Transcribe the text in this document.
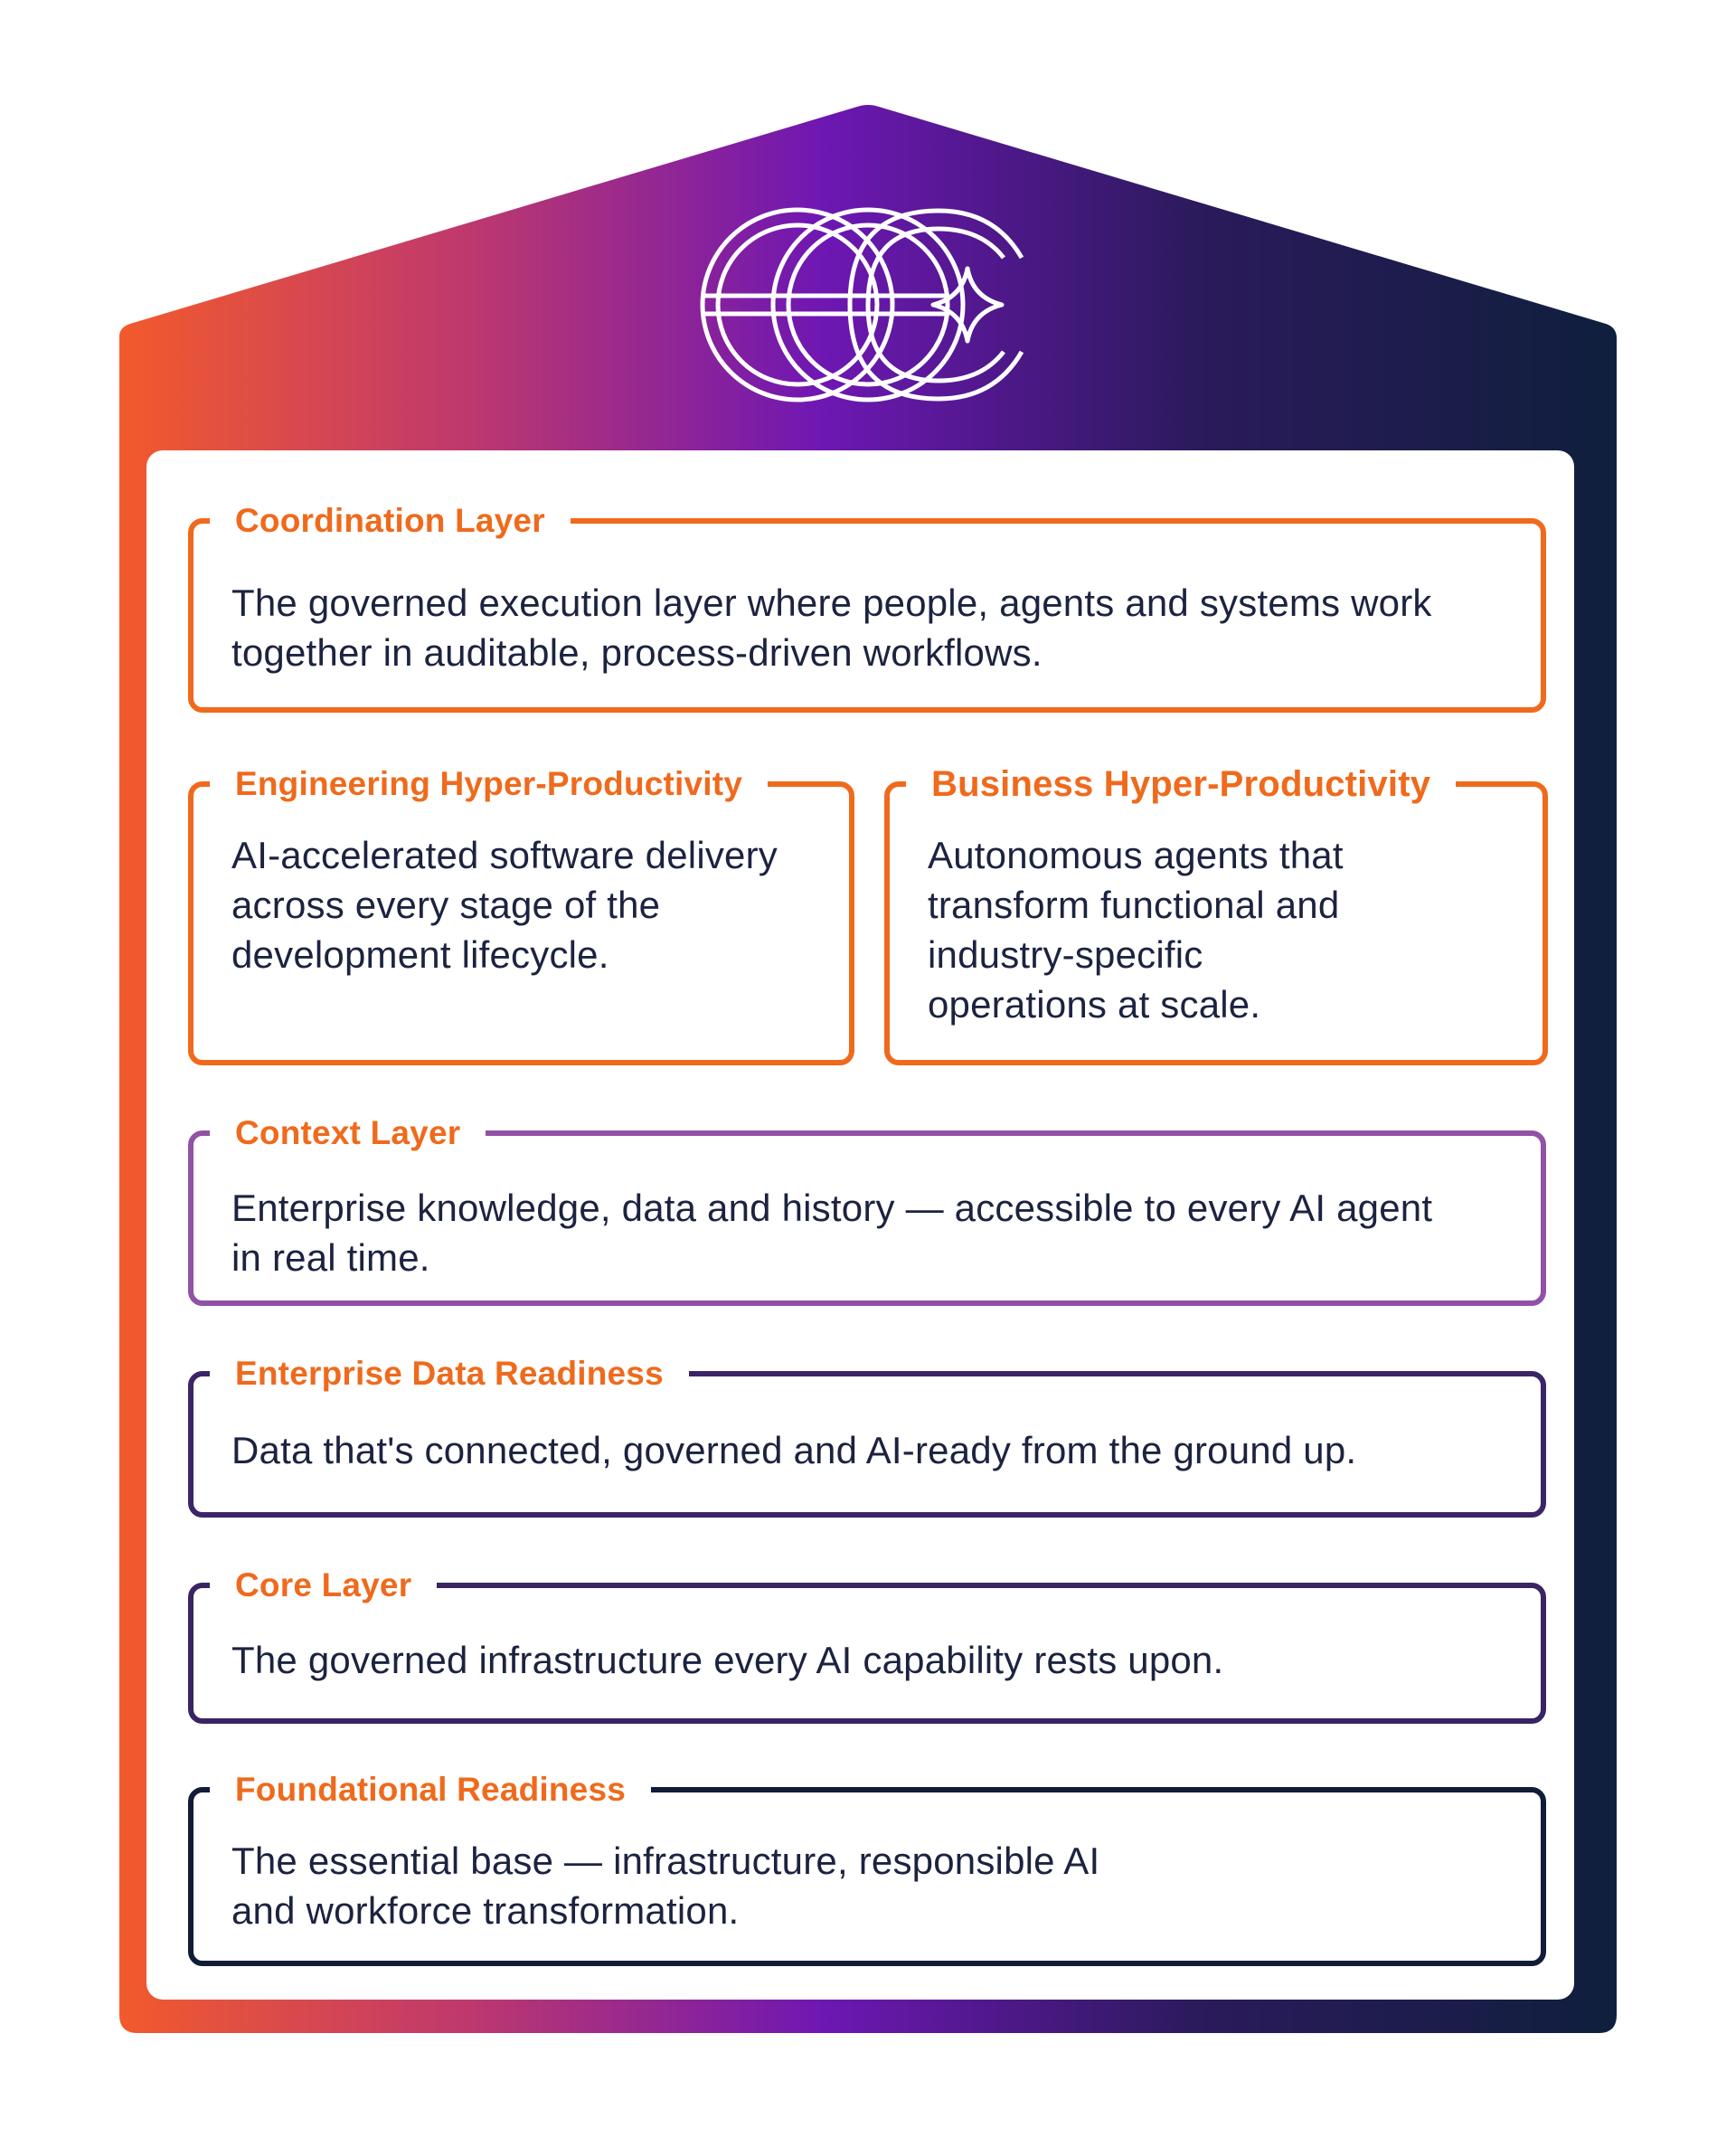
Coordination Layer
The governed execution layer where people, agents and systems work
together in auditable, process-driven workflows.
Engineering Hyper-Productivity
AI-accelerated software delivery
across every stage of the
development lifecycle.
Business Hyper-Productivity
Autonomous agents that
transform functional and
industry-specific
operations at scale.
Context Layer
Enterprise knowledge, data and history — accessible to every AI agent
in real time.
Enterprise Data Readiness
Data that's connected, governed and AI-ready from the ground up.
Core Layer
The governed infrastructure every AI capability rests upon.
Foundational Readiness
The essential base — infrastructure, responsible AI
and workforce transformation.
